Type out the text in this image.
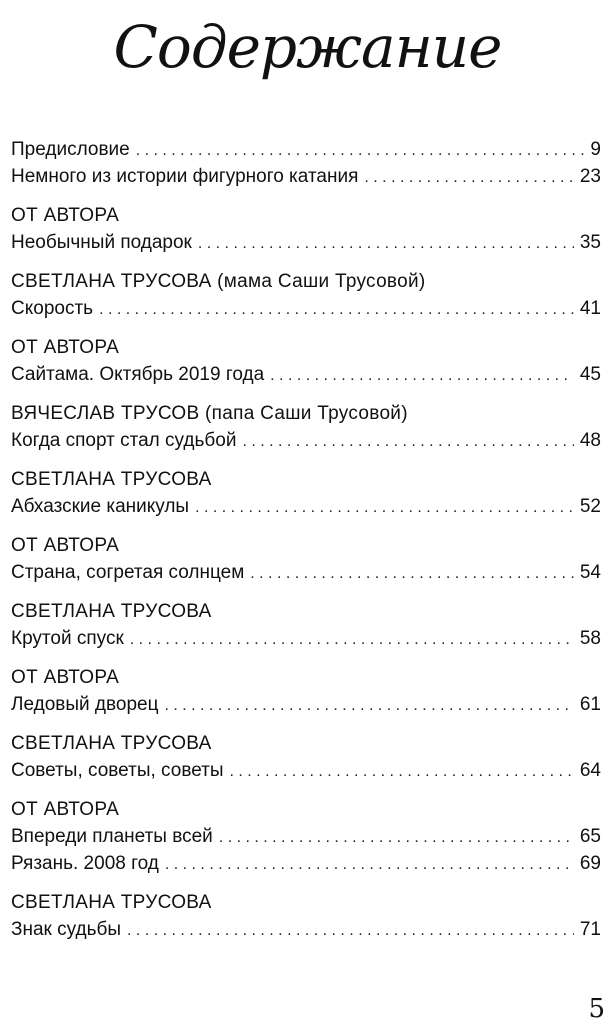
Содержание
Предисловие . . .	9
Немного из истории фигурного катания . . .	23
ОТ АВТОРА
Необычный подарок . . .	35
СВЕТЛАНА ТРУСОВА (мама Саши Трусовой)
Скорость . . .	41
ОТ АВТОРА
Сайтама. Октябрь 2019 года . . .	45
ВЯЧЕСЛАВ ТРУСОВ (папа Саши Трусовой)
Когда спорт стал судьбой . . .	48
СВЕТЛАНА ТРУСОВА
Абхазские каникулы . . .	52
ОТ АВТОРА
Страна, согретая солнцем . . .	54
СВЕТЛАНА ТРУСОВА
Крутой спуск . . .	58
ОТ АВТОРА
Ледовый дворец . . .	61
СВЕТЛАНА ТРУСОВА
Советы, советы, советы . . .	64
ОТ АВТОРА
Впереди планеты всей . . .	65
Рязань. 2008 год . . .	69
СВЕТЛАНА ТРУСОВА
Знак судьбы . . .	71
5
